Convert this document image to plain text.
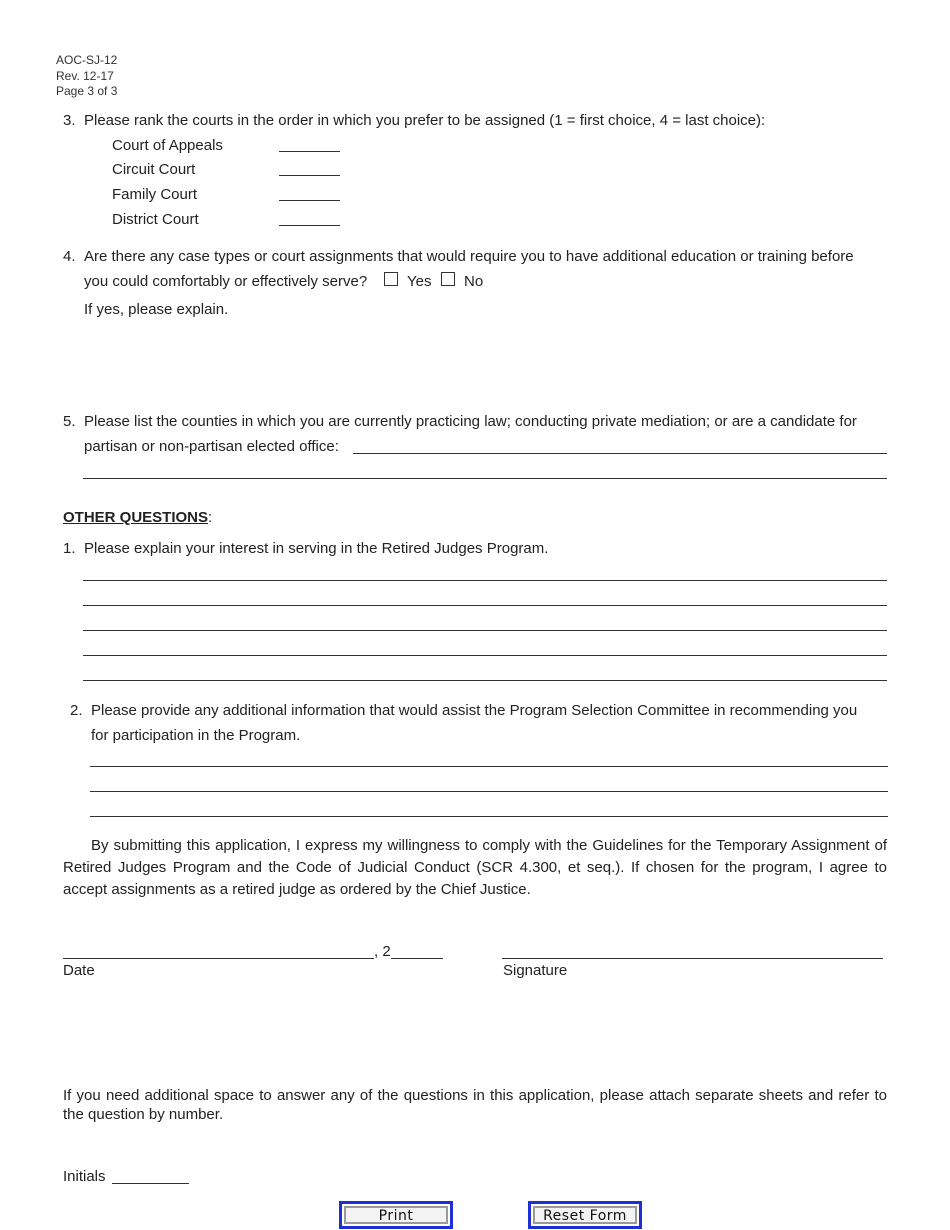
AOC-SJ-12
Rev. 12-17
Page 3 of 3
3. Please rank the courts in the order in which you prefer to be assigned (1 = first choice, 4 = last choice):
Court of Appeals
Circuit Court
Family Court
District Court
4. Are there any case types or court assignments that would require you to have additional education or training before
you could comfortably or effectively serve?	Yes No
If yes, please explain.
5. Please list the counties in which you are currently practicing law; conducting private mediation; or are a candidate for
partisan or non-partisan elected office:
OTHER QUESTIONS:
1. Please explain your interest in serving in the Retired Judges Program.
2. Please provide any additional information that would assist the Program Selection Committee in recommending you
for participation in the Program.
By submitting this application, I express my willingness to comply with the Guidelines for the Temporary Assignment of Retired Judges Program and the Code of Judicial Conduct (SCR 4.300, et seq.). If chosen for the program, I agree to accept assignments as a retired judge as ordered by the Chief Justice.
, 2
Date	Signature
If you need additional space to answer any of the questions in this application, please attach separate sheets and refer to the question by number.
Initials
Print	Reset Form
